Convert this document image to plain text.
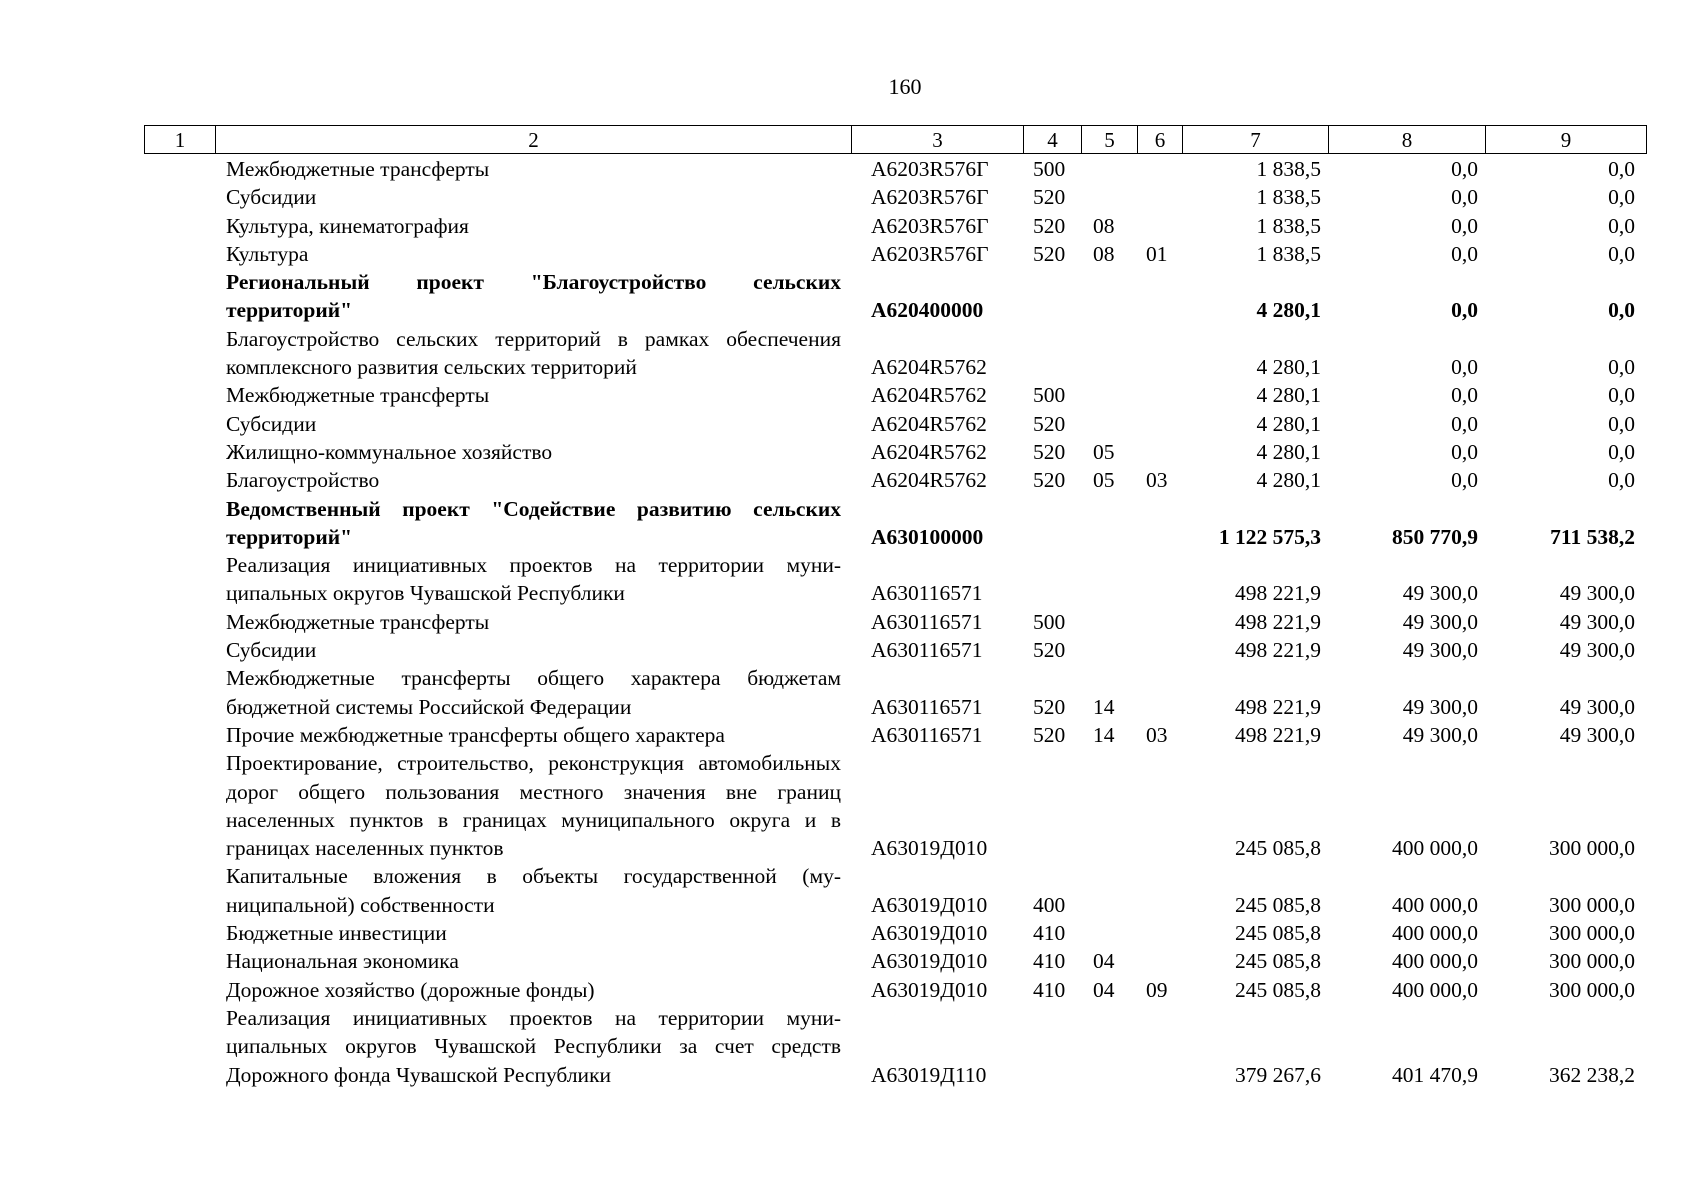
160
1	2	3	4	5	6	7	8	9
	Межбюджетные трансферты	А6203R576Г	500			1 838,5	0,0	0,0
	Субсидии	А6203R576Г	520			1 838,5	0,0	0,0
	Культура, кинематография	А6203R576Г	520	08		1 838,5	0,0	0,0
	Культура	А6203R576Г	520	08	01	1 838,5	0,0	0,0
	Региональный проект "Благоустройство сельских территорий"	А620400000				4 280,1	0,0	0,0
	Благоустройство сельских территорий в рамках обеспечения комплексного развития сельских территорий	А6204R5762				4 280,1	0,0	0,0
	Межбюджетные трансферты	А6204R5762	500			4 280,1	0,0	0,0
	Субсидии	А6204R5762	520			4 280,1	0,0	0,0
	Жилищно-коммунальное хозяйство	А6204R5762	520	05		4 280,1	0,0	0,0
	Благоустройство	А6204R5762	520	05	03	4 280,1	0,0	0,0
	Ведомственный проект "Содействие развитию сельских территорий"	А630100000				1 122 575,3	850 770,9	711 538,2
	Реализация инициативных проектов на территории муниципальных округов Чувашской Республики	А630116571				498 221,9	49 300,0	49 300,0
	Межбюджетные трансферты	А630116571	500			498 221,9	49 300,0	49 300,0
	Субсидии	А630116571	520			498 221,9	49 300,0	49 300,0
	Межбюджетные трансферты общего характера бюджетам бюджетной системы Российской Федерации	А630116571	520	14		498 221,9	49 300,0	49 300,0
	Прочие межбюджетные трансферты общего характера	А630116571	520	14	03	498 221,9	49 300,0	49 300,0
	Проектирование, строительство, реконструкция автомобильных дорог общего пользования местного значения вне границ населенных пунктов в границах муниципального округа и в границах населенных пунктов	А63019Д010				245 085,8	400 000,0	300 000,0
	Капитальные вложения в объекты государственной (муниципальной) собственности	А63019Д010	400			245 085,8	400 000,0	300 000,0
	Бюджетные инвестиции	А63019Д010	410			245 085,8	400 000,0	300 000,0
	Национальная экономика	А63019Д010	410	04		245 085,8	400 000,0	300 000,0
	Дорожное хозяйство (дорожные фонды)	А63019Д010	410	04	09	245 085,8	400 000,0	300 000,0
	Реализация инициативных проектов на территории муниципальных округов Чувашской Республики за счет средств Дорожного фонда Чувашской Республики	А63019Д110				379 267,6	401 470,9	362 238,2
